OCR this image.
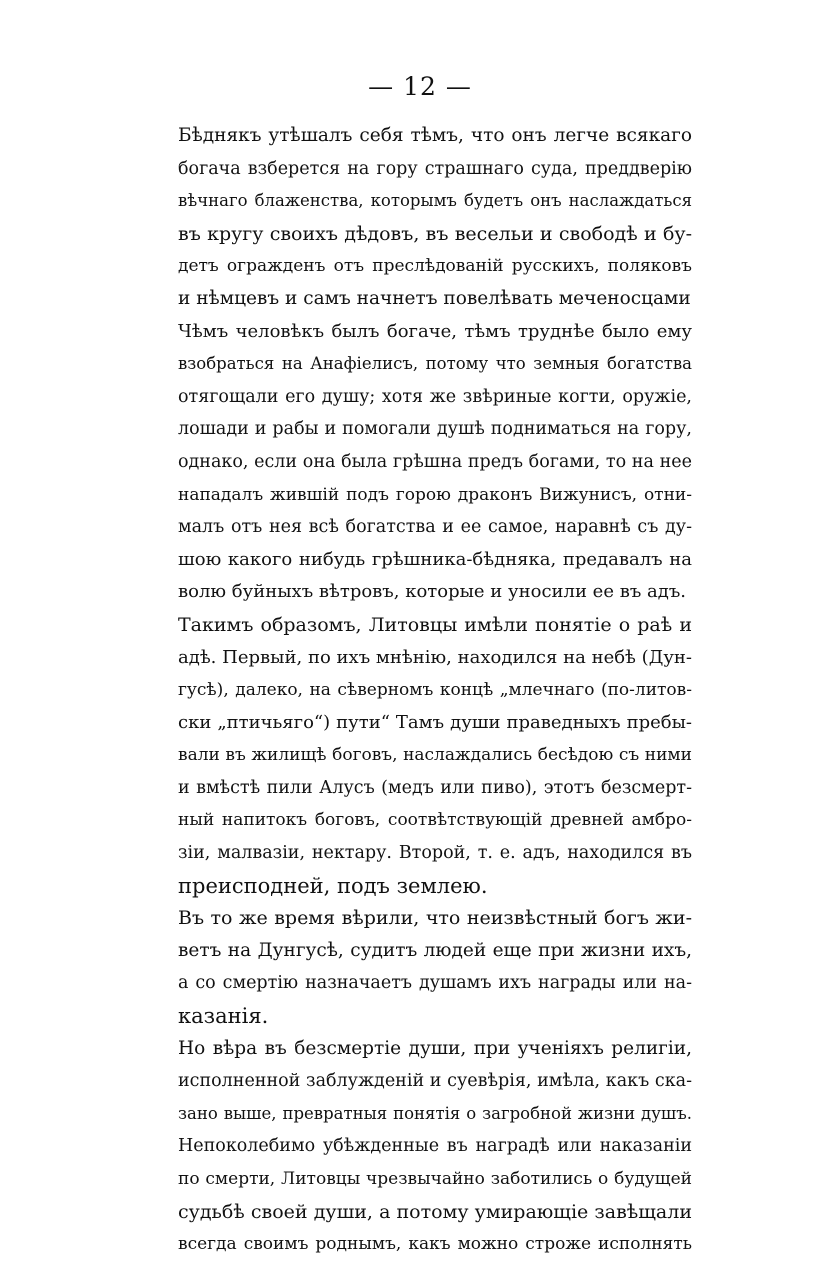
— 12 —
Бѣднякъ утѣшалъ себя тѣмъ, что онъ легче всякаго
богача взберется на гору страшнаго суда, преддверію
вѣчнаго блаженства, которымъ будетъ онъ наслаждаться
въ кругу своихъ дѣдовъ, въ весельи и свободѣ и бу-
детъ огражденъ отъ преслѣдованій русскихъ, поляковъ
и нѣмцевъ и самъ начнетъ повелѣвать меченосцами
Чѣмъ человѣкъ былъ богаче, тѣмъ труднѣе было ему
взобраться на Анафіелисъ, потому что земныя богатства
отягощали его душу; хотя же звѣриные когти, оружіе,
лошади и рабы и помогали душѣ подниматься на гору,
однако, если она была грѣшна предъ богами, то на нее
нападалъ жившій подъ горою драконъ Вижунисъ, отни-
малъ отъ нея всѣ богатства и ее самое, наравнѣ съ ду-
шою какого нибудь грѣшника-бѣдняка, предавалъ на
волю буйныхъ вѣтровъ, которые и уносили ее въ адъ.
Такимъ образомъ, Литовцы имѣли понятіе о раѣ и
адѣ. Первый, по ихъ мнѣнію, находился на небѣ (Дун-
гусѣ), далеко, на сѣверномъ концѣ „млечнаго (по-литов-
ски „птичьяго“) пути“ Тамъ души праведныхъ пребы-
вали въ жилищѣ боговъ, наслаждались бесѣдою съ ними
и вмѣстѣ пили Алусъ (медъ или пиво), этотъ безсмерт-
ный напитокъ боговъ, соотвѣтствующій древней амбро-
зіи, малвазіи, нектару. Второй, т. е. адъ, находился въ
преисподней, подъ землею.
Въ то же время вѣрили, что неизвѣстный богъ жи-
ветъ на Дунгусѣ, судитъ людей еще при жизни ихъ,
а со смертію назначаетъ душамъ ихъ награды или на-
казанія.
Но вѣра въ безсмертіе души, при ученіяхъ религіи,
исполненной заблужденій и суевѣрія, имѣла, какъ ска-
зано выше, превратныя понятія о загробной жизни душъ.
Непоколебимо убѣжденные въ наградѣ или наказаніи
по смерти, Литовцы чрезвычайно заботились о будущей
судьбѣ своей души, а потому умирающіе завѣщали
всегда своимъ роднымъ, какъ можно строже исполнять
